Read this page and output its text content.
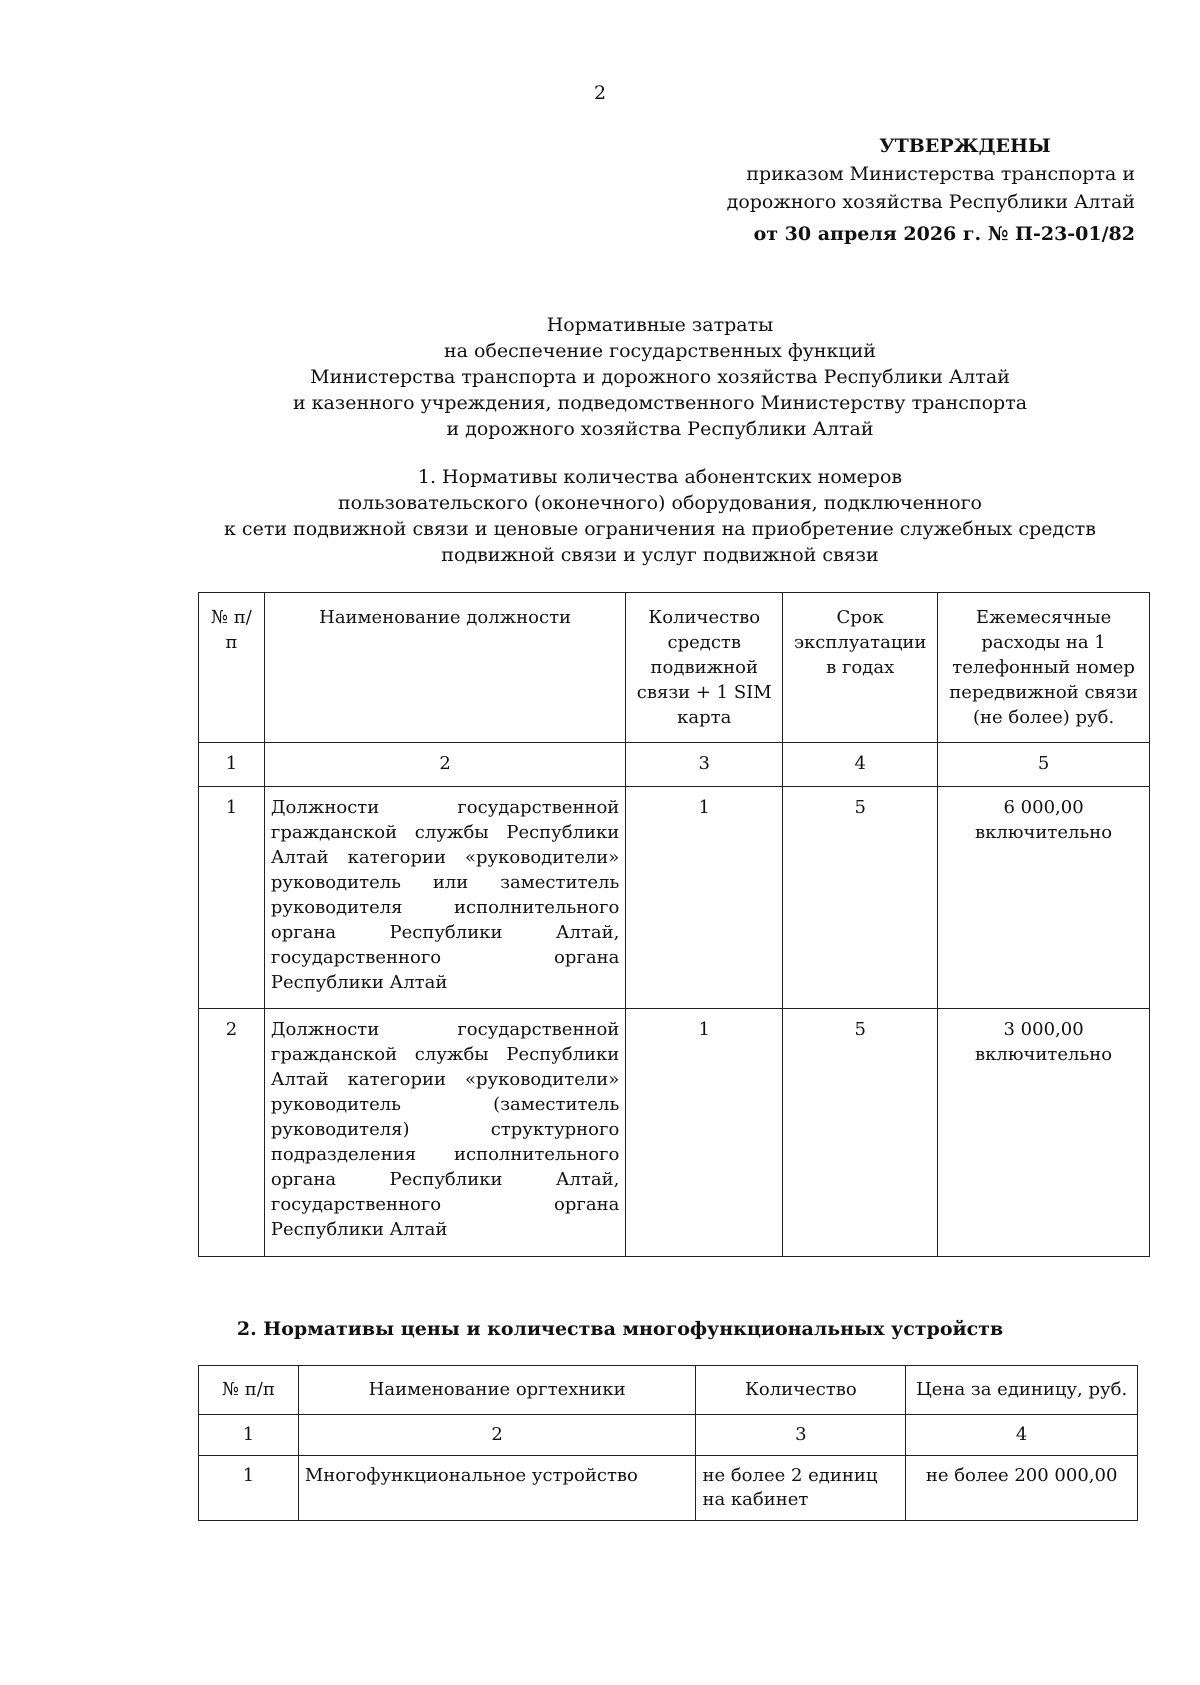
2
УТВЕРЖДЕНЫ
приказом Министерства транспорта и
дорожного хозяйства Республики Алтай
от 30 апреля 2026 г. № П-23-01/82
Нормативные затраты
на обеспечение государственных функций
Министерства транспорта и дорожного хозяйства Республики Алтай
и казенного учреждения, подведомственного Министерству транспорта
и дорожного хозяйства Республики Алтай
1. Нормативы количества абонентских номеров
пользовательского (оконечного) оборудования, подключенного
к сети подвижной связи и ценовые ограничения на приобретение служебных средств подвижной связи и услуг подвижной связи
№ п/п	Наименование должности	Количество средств подвижной связи + 1 SIM карта	Срок эксплуатации в годах	Ежемесячные расходы на 1 телефонный номер передвижной связи (не более) руб.
1	2	3	4	5
1	Должности государственной гражданской службы Республики Алтай категории «руководители» руководитель или заместитель руководителя исполнительного органа Республики Алтай, государственного органа Республики Алтай	1	5	6 000,00
включительно

2	Должности государственной гражданской службы Республики Алтай категории «руководители» руководитель (заместитель руководителя) структурного подразделения исполнительного органа Республики Алтай, государственного органа Республики Алтай	1	5	3 000,00
включительно
2. Нормативы цены и количества многофункциональных устройств
№ п/п	Наименование оргтехники	Количество	Цена за единицу, руб.
1	2	3	4
1	Многофункциональное устройство	не более 2 единиц на кабинет	не более 200 000,00
